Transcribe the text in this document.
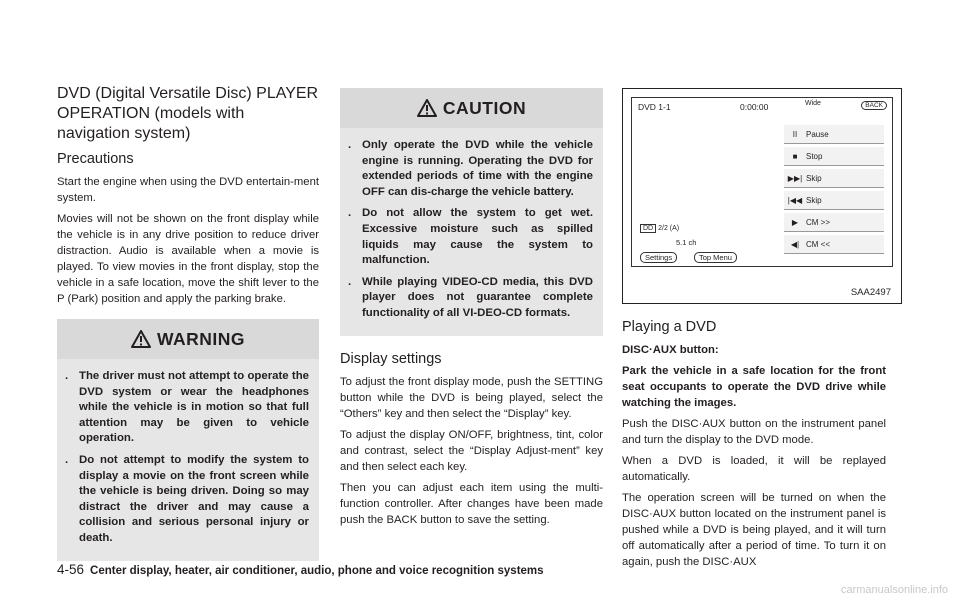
DVD (Digital Versatile Disc) PLAYER OPERATION (models with navigation system)
Precautions

Start the engine when using the DVD entertain-ment system.

Movies will not be shown on the front display while the vehicle is in any drive position to reduce driver distraction. Audio is available when a movie is played. To view movies in the front display, stop the vehicle in a safe location, move the shift lever to the P (Park) position and apply the parking brake.

WARNING
. The driver must not attempt to operate the DVD system or wear the headphones while the vehicle is in motion so that full attention may be given to vehicle operation.
. Do not attempt to modify the system to display a movie on the front screen while the vehicle is being driven. Doing so may distract the driver and may cause a collision and serious personal injury or death.
CAUTION
. Only operate the DVD while the vehicle engine is running. Operating the DVD for extended periods of time with the engine OFF can dis-charge the vehicle battery.
. Do not allow the system to get wet. Excessive moisture such as spilled liquids may cause the system to malfunction.
. While playing VIDEO-CD media, this DVD player does not guarantee complete functionality of all VI-DEO-CD formats.
Display settings

To adjust the front display mode, push the SETTING button while the DVD is being played, select the “Others” key and then select the “Display” key.

To adjust the display ON/OFF, brightness, tint, color and contrast, select the “Display Adjust-ment” key and then select each key.

Then you can adjust each item using the multi-function controller. After changes have been made push the BACK button to save the setting.

DVD 1-1	0:00:00	Wide	BACK
II	Pause
■	Stop
▶▶| Skip
|◀◀ Skip
▶ CM >>
◀| CM <<
DD 2/2 (A)
5.1 ch
Settings	Top Menu
SAA2497
Playing a DVD

DISC·AUX button:

Park the vehicle in a safe location for the front seat occupants to operate the DVD drive while watching the images.

Push the DISC·AUX button on the instrument panel and turn the display to the DVD mode.

When a DVD is loaded, it will be replayed automatically.

The operation screen will be turned on when the DISC·AUX button located on the instrument panel is pushed while a DVD is being played, and it will turn off automatically after a period of time. To turn it on again, push the DISC·AUX

4-56 Center display, heater, air conditioner, audio, phone and voice recognition systems
carmanualsonline.info
